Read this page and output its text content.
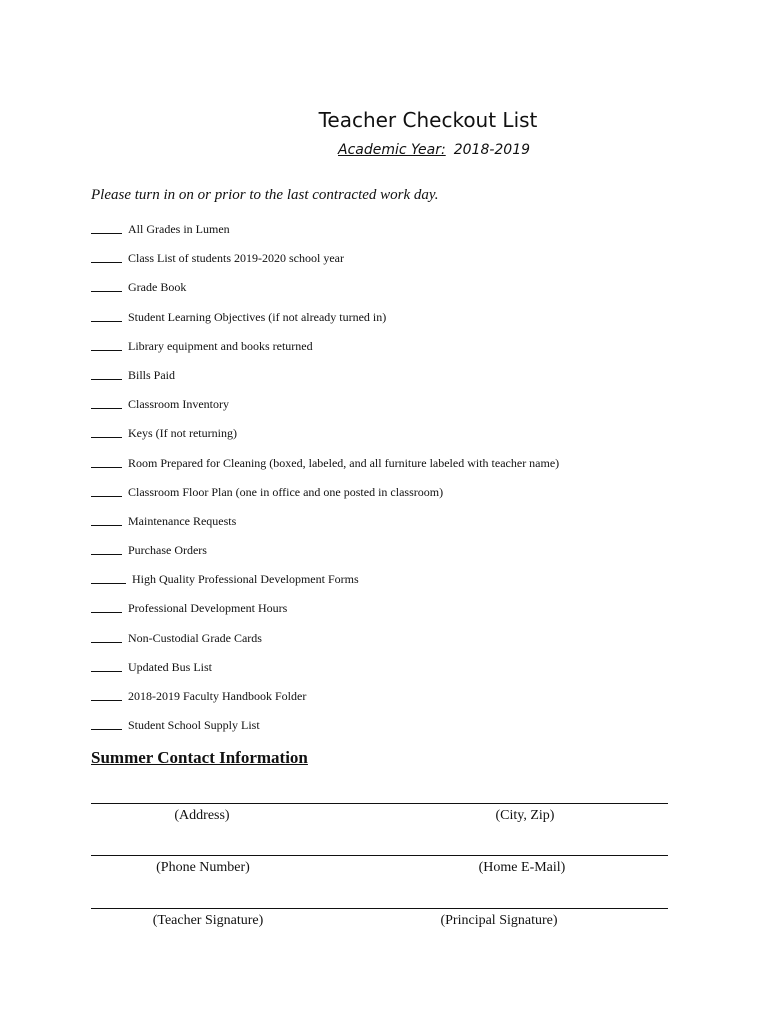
Teacher Checkout List
Academic Year: 2018-2019
Please turn in on or prior to the last contracted work day.
All Grades in Lumen
Class List of students 2019-2020 school year
Grade Book
Student Learning Objectives (if not already turned in)
Library equipment and books returned
Bills Paid
Classroom Inventory
Keys (If not returning)
Room Prepared for Cleaning (boxed, labeled, and all furniture labeled with teacher name)
Classroom Floor Plan (one in office and one posted in classroom)
Maintenance Requests
Purchase Orders
High Quality Professional Development Forms
Professional Development Hours
Non-Custodial Grade Cards
Updated Bus List
2018-2019 Faculty Handbook Folder
Student School Supply List
Summer Contact Information
(Address)	(City, Zip)
(Phone Number)	(Home E-Mail)
(Teacher Signature)	(Principal Signature)
